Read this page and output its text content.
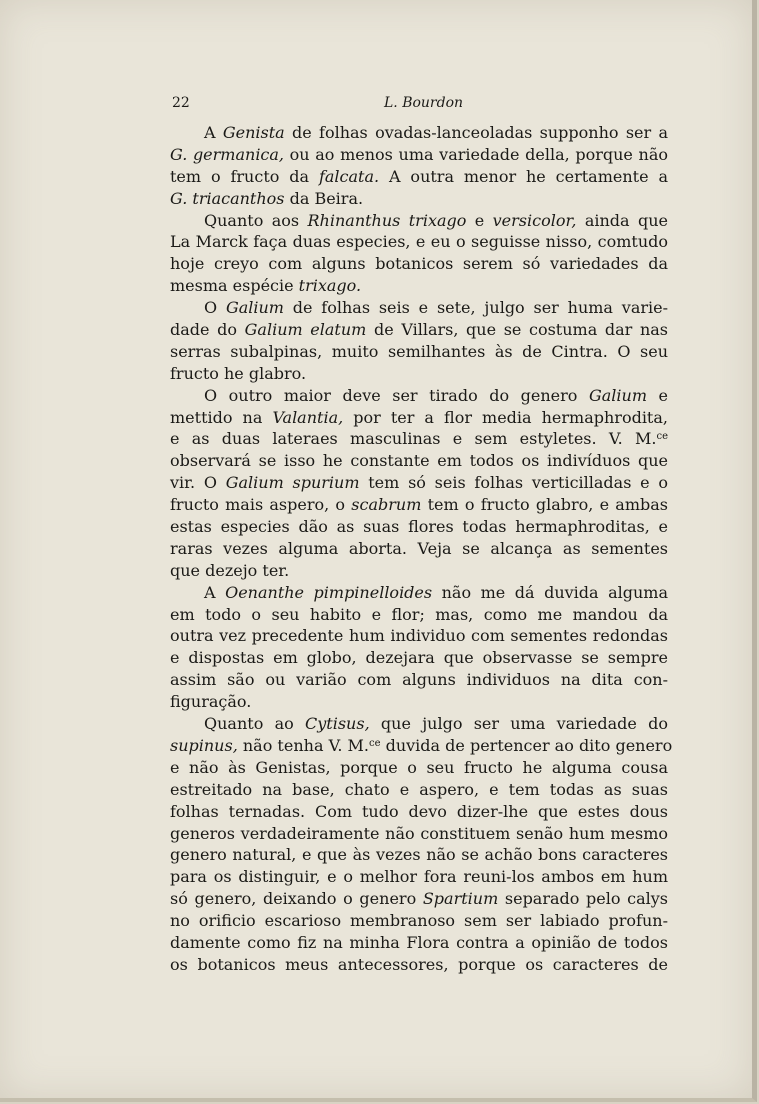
22	L. Bourdon
A Genista de folhas ovadas-lanceoladas supponho ser a
G. germanica, ou ao menos uma variedade della, porque não
tem o fructo da falcata. A outra menor he certamente a
G. triacanthos da Beira.
Quanto aos Rhinanthus trixago e versicolor, ainda que
La Marck faça duas especies, e eu o seguisse nisso, comtudo
hoje creyo com alguns botanicos serem só variedades da
mesma espécie trixago.
O Galium de folhas seis e sete, julgo ser huma varie-
dade do Galium elatum de Villars, que se costuma dar nas
serras subalpinas, muito semilhantes às de Cintra. O seu
fructo he glabro.
O outro maior deve ser tirado do genero Galium e
mettido na Valantia, por ter a flor media hermaphrodita,
e as duas lateraes masculinas e sem estyletes. V. M.$^{ce}$
observará se isso he constante em todos os indivíduos que
vir. O Galium spurium tem só seis folhas verticilladas e o
fructo mais aspero, o scabrum tem o fructo glabro, e ambas
estas especies dão as suas flores todas hermaphroditas, e
raras vezes alguma aborta. Veja se alcança as sementes
que dezejo ter.
A Oenanthe pimpinelloides não me dá duvida alguma
em todo o seu habito e flor; mas, como me mandou da
outra vez precedente hum individuo com sementes redondas
e dispostas em globo, dezejara que observasse se sempre
assim são ou varião com alguns individuos na dita con-
figuração.
Quanto ao Cytisus, que julgo ser uma variedade do
supinus, não tenha V. M.$^{ce}$ duvida de pertencer ao dito genero
e não às Genistas, porque o seu fructo he alguma cousa
estreitado na base, chato e aspero, e tem todas as suas
folhas ternadas. Com tudo devo dizer-lhe que estes dous
generos verdadeiramente não constituem senão hum mesmo
genero natural, e que às vezes não se achão bons caracteres
para os distinguir, e o melhor fora reuni-los ambos em hum
só genero, deixando o genero Spartium separado pelo calys
no orificio escarioso membranoso sem ser labiado profun-
damente como fiz na minha Flora contra a opinião de todos
os botanicos meus antecessores, porque os caracteres de
